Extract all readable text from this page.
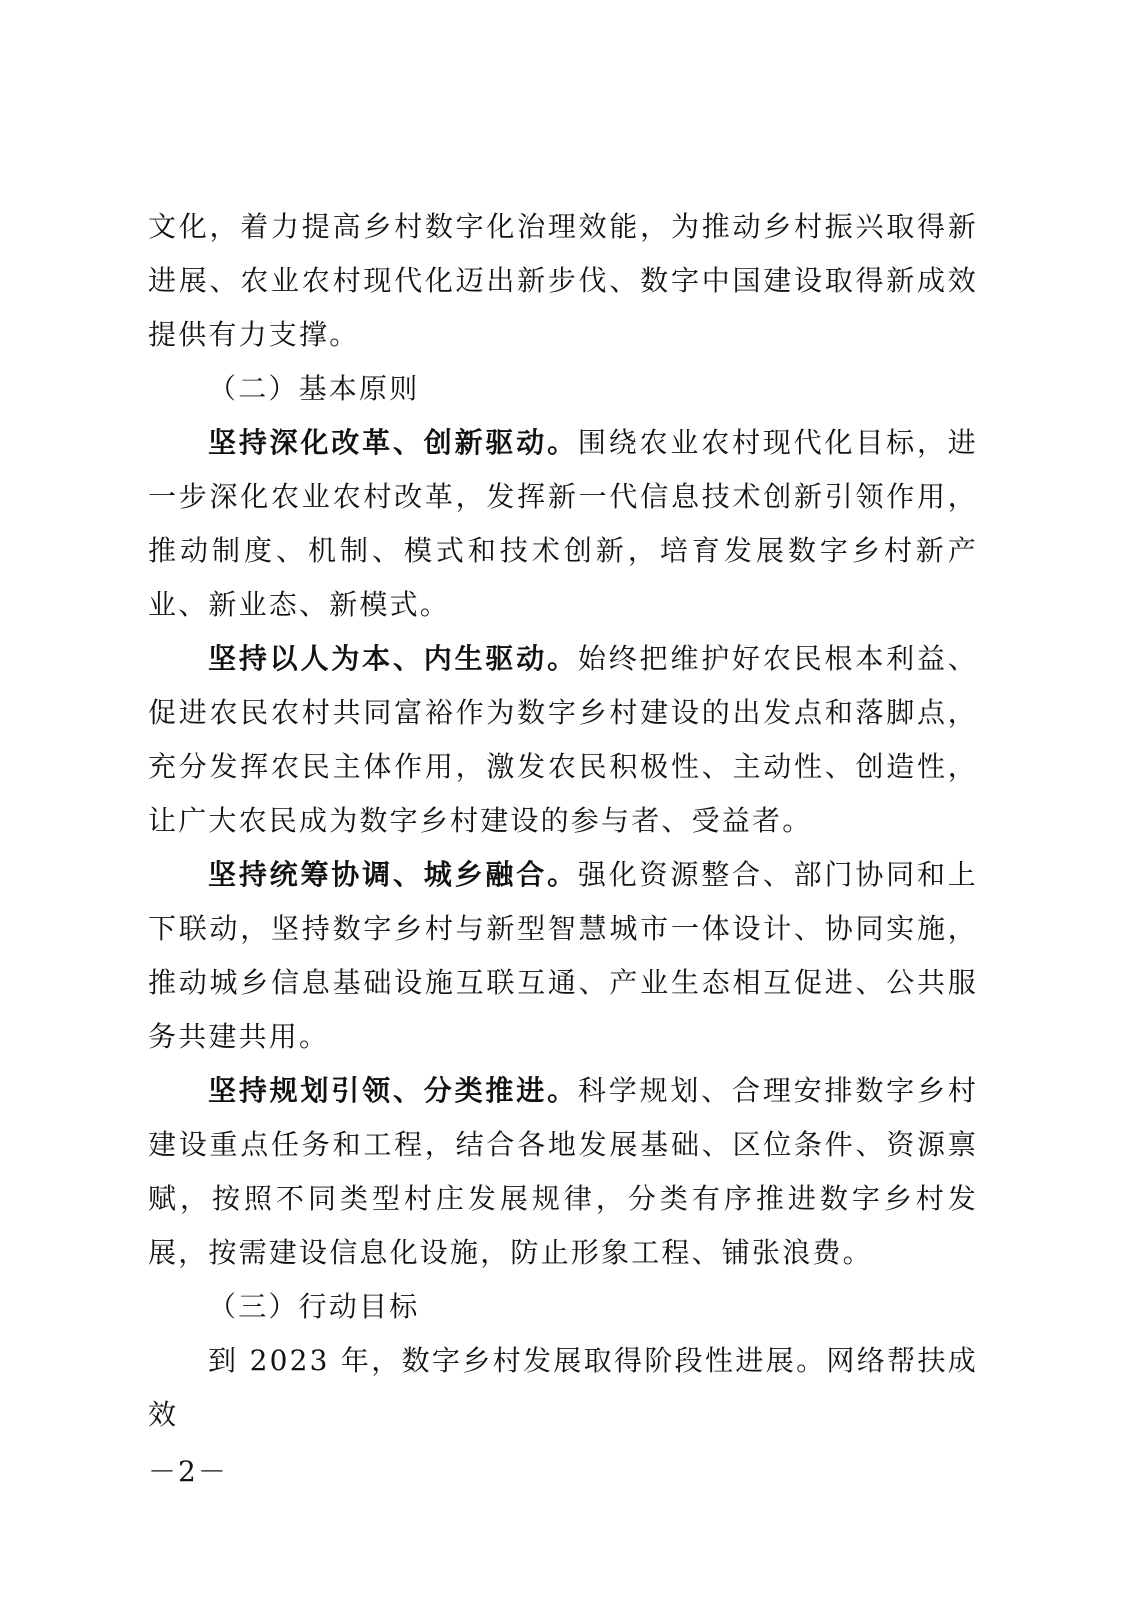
文化，着力提高乡村数字化治理效能，为推动乡村振兴取得新进展、农业农村现代化迈出新步伐、数字中国建设取得新成效提供有力支撑。

（二）基本原则

坚持深化改革、创新驱动。围绕农业农村现代化目标，进一步深化农业农村改革，发挥新一代信息技术创新引领作用，推动制度、机制、模式和技术创新，培育发展数字乡村新产业、新业态、新模式。

坚持以人为本、内生驱动。始终把维护好农民根本利益、促进农民农村共同富裕作为数字乡村建设的出发点和落脚点，充分发挥农民主体作用，激发农民积极性、主动性、创造性，让广大农民成为数字乡村建设的参与者、受益者。

坚持统筹协调、城乡融合。强化资源整合、部门协同和上下联动，坚持数字乡村与新型智慧城市一体设计、协同实施，推动城乡信息基础设施互联互通、产业生态相互促进、公共服务共建共用。

坚持规划引领、分类推进。科学规划、合理安排数字乡村建设重点任务和工程，结合各地发展基础、区位条件、资源禀赋，按照不同类型村庄发展规律，分类有序推进数字乡村发展，按需建设信息化设施，防止形象工程、铺张浪费。

（三）行动目标

到 2023 年，数字乡村发展取得阶段性进展。网络帮扶成效

－2－
